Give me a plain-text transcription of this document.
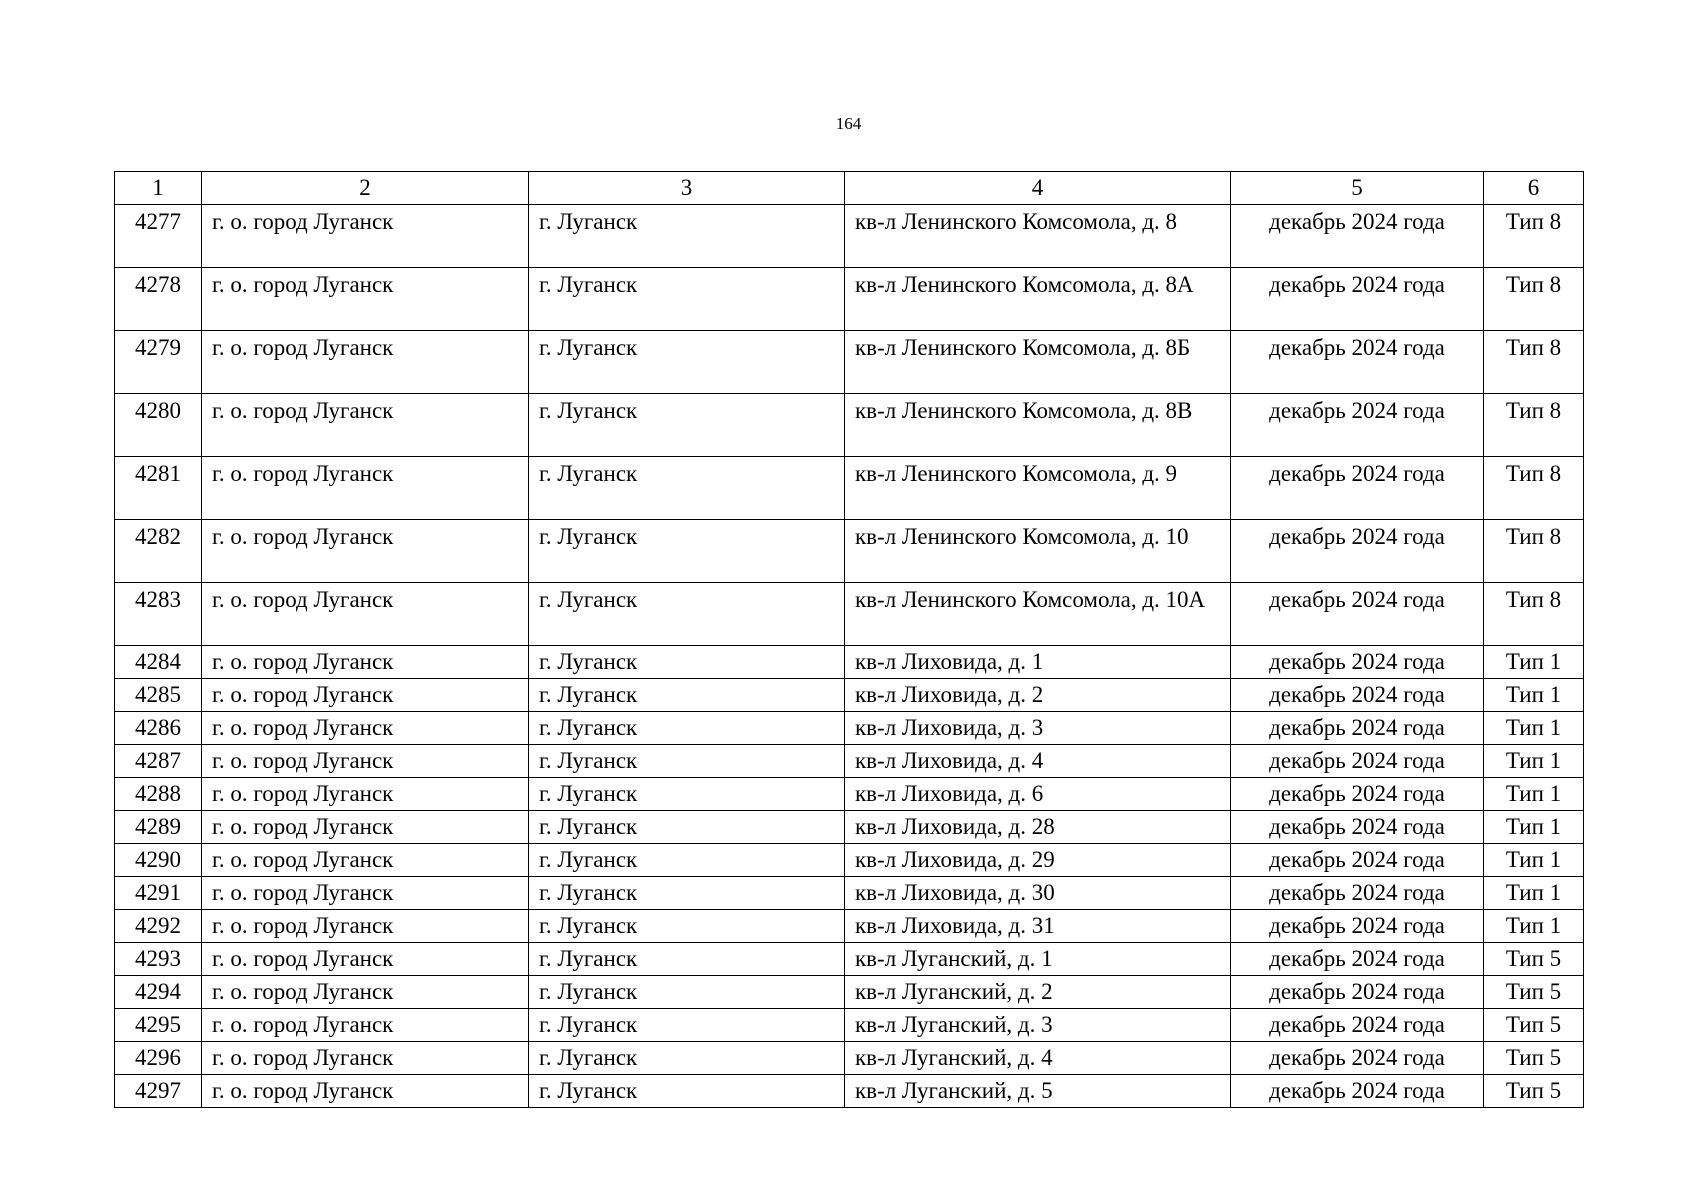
164
1	2	3	4	5	6
4277	г. о. город Луганск	г. Луганск	кв-л Ленинского Комсомола, д. 8	декабрь 2024 года	Тип 8
4278	г. о. город Луганск	г. Луганск	кв-л Ленинского Комсомола, д. 8А	декабрь 2024 года	Тип 8
4279	г. о. город Луганск	г. Луганск	кв-л Ленинского Комсомола, д. 8Б	декабрь 2024 года	Тип 8
4280	г. о. город Луганск	г. Луганск	кв-л Ленинского Комсомола, д. 8В	декабрь 2024 года	Тип 8
4281	г. о. город Луганск	г. Луганск	кв-л Ленинского Комсомола, д. 9	декабрь 2024 года	Тип 8
4282	г. о. город Луганск	г. Луганск	кв-л Ленинского Комсомола, д. 10	декабрь 2024 года	Тип 8
4283	г. о. город Луганск	г. Луганск	кв-л Ленинского Комсомола, д. 10А	декабрь 2024 года	Тип 8
4284	г. о. город Луганск	г. Луганск	кв-л Лиховида, д. 1	декабрь 2024 года	Тип 1
4285	г. о. город Луганск	г. Луганск	кв-л Лиховида, д. 2	декабрь 2024 года	Тип 1
4286	г. о. город Луганск	г. Луганск	кв-л Лиховида, д. 3	декабрь 2024 года	Тип 1
4287	г. о. город Луганск	г. Луганск	кв-л Лиховида, д. 4	декабрь 2024 года	Тип 1
4288	г. о. город Луганск	г. Луганск	кв-л Лиховида, д. 6	декабрь 2024 года	Тип 1
4289	г. о. город Луганск	г. Луганск	кв-л Лиховида, д. 28	декабрь 2024 года	Тип 1
4290	г. о. город Луганск	г. Луганск	кв-л Лиховида, д. 29	декабрь 2024 года	Тип 1
4291	г. о. город Луганск	г. Луганск	кв-л Лиховида, д. 30	декабрь 2024 года	Тип 1
4292	г. о. город Луганск	г. Луганск	кв-л Лиховида, д. 31	декабрь 2024 года	Тип 1
4293	г. о. город Луганск	г. Луганск	кв-л Луганский, д. 1	декабрь 2024 года	Тип 5
4294	г. о. город Луганск	г. Луганск	кв-л Луганский, д. 2	декабрь 2024 года	Тип 5
4295	г. о. город Луганск	г. Луганск	кв-л Луганский, д. 3	декабрь 2024 года	Тип 5
4296	г. о. город Луганск	г. Луганск	кв-л Луганский, д. 4	декабрь 2024 года	Тип 5
4297	г. о. город Луганск	г. Луганск	кв-л Луганский, д. 5	декабрь 2024 года	Тип 5
